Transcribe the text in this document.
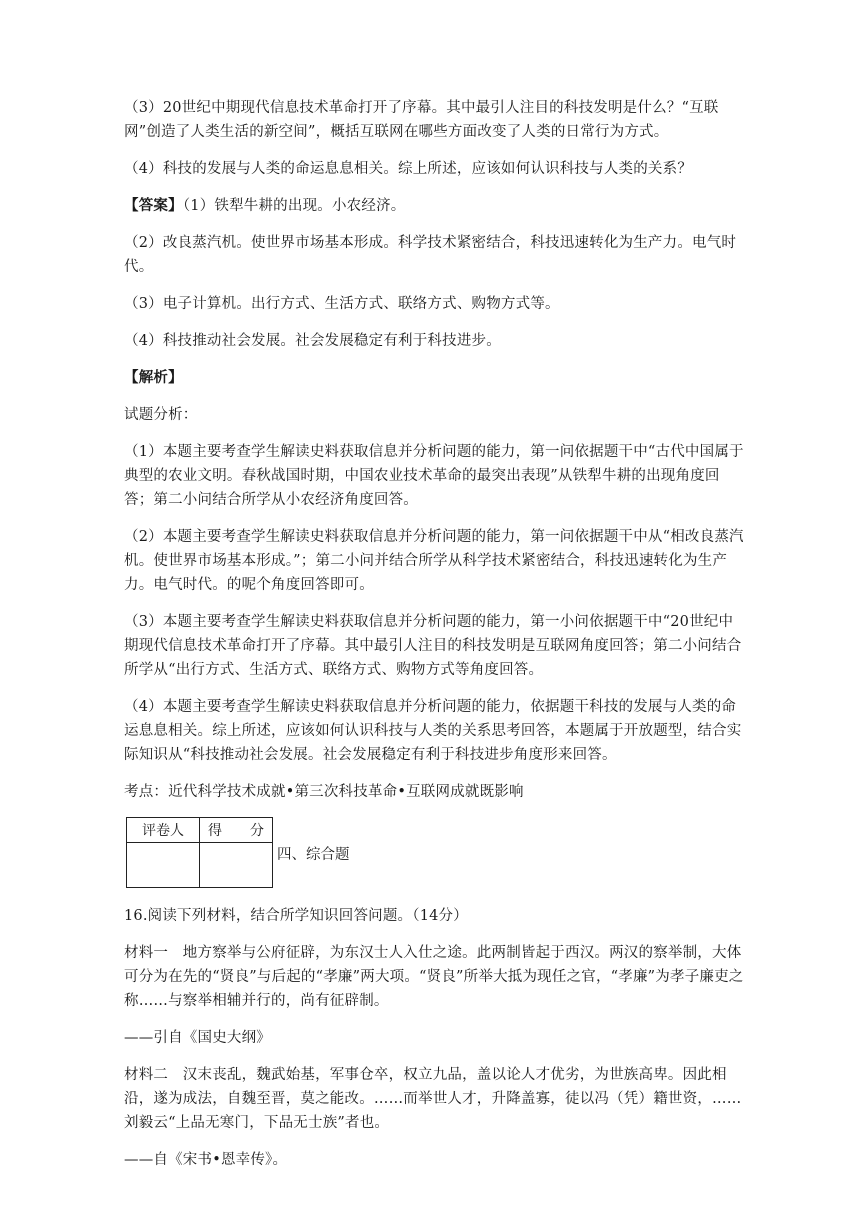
（3）20世纪中期现代信息技术革命打开了序幕。其中最引人注目的科技发明是什么？“互联网”创造了人类生活的新空间”，概括互联网在哪些方面改变了人类的日常行为方式。

（4）科技的发展与人类的命运息息相关。综上所述，应该如何认识科技与人类的关系？

【答案】（1）铁犁牛耕的出现。小农经济。

（2）改良蒸汽机。使世界市场基本形成。科学技术紧密结合，科技迅速转化为生产力。电气时代。

（3）电子计算机。出行方式、生活方式、联络方式、购物方式等。

（4）科技推动社会发展。社会发展稳定有利于科技进步。

【解析】

试题分析：

（1）本题主要考查学生解读史料获取信息并分析问题的能力，第一问依据题干中“古代中国属于典型的农业文明。春秋战国时期，中国农业技术革命的最突出表现”从铁犁牛耕的出现角度回答；第二小问结合所学从小农经济角度回答。

（2）本题主要考查学生解读史料获取信息并分析问题的能力，第一问依据题干中从“相改良蒸汽机。使世界市场基本形成。”；第二小问并结合所学从科学技术紧密结合，科技迅速转化为生产力。电气时代。的呢个角度回答即可。

（3）本题主要考查学生解读史料获取信息并分析问题的能力，第一小问依据题干中“20世纪中期现代信息技术革命打开了序幕。其中最引人注目的科技发明是互联网角度回答；第二小问结合所学从“出行方式、生活方式、联络方式、购物方式等角度回答。

（4）本题主要考查学生解读史料获取信息并分析问题的能力，依据题干科技的发展与人类的命运息息相关。综上所述，应该如何认识科技与人类的关系思考回答，本题属于开放题型，结合实际知识从“科技推动社会发展。社会发展稳定有利于科技进步角度形来回答。

考点：近代科学技术成就•第三次科技革命•互联网成就既影响

评卷人	得　　分

四、综合题

16.阅读下列材料，结合所学知识回答问题。（14分）

材料一　地方察举与公府征辟，为东汉士人入仕之途。此两制皆起于西汉。两汉的察举制，大体可分为在先的“贤良”与后起的“孝廉”两大项。“贤良”所举大抵为现任之官，“孝廉”为孝子廉吏之称……与察举相辅并行的，尚有征辟制。

——引自《国史大纲》

材料二　汉末丧乱，魏武始基，军事仓卒，权立九品，盖以论人才优劣，为世族高卑。因此相沿，遂为成法，自魏至晋，莫之能改。……而举世人才，升降盖寡，徒以冯（凭）籍世资，……刘毅云“上品无寒门，下品无士族”者也。

——自《宋书•恩幸传》。
